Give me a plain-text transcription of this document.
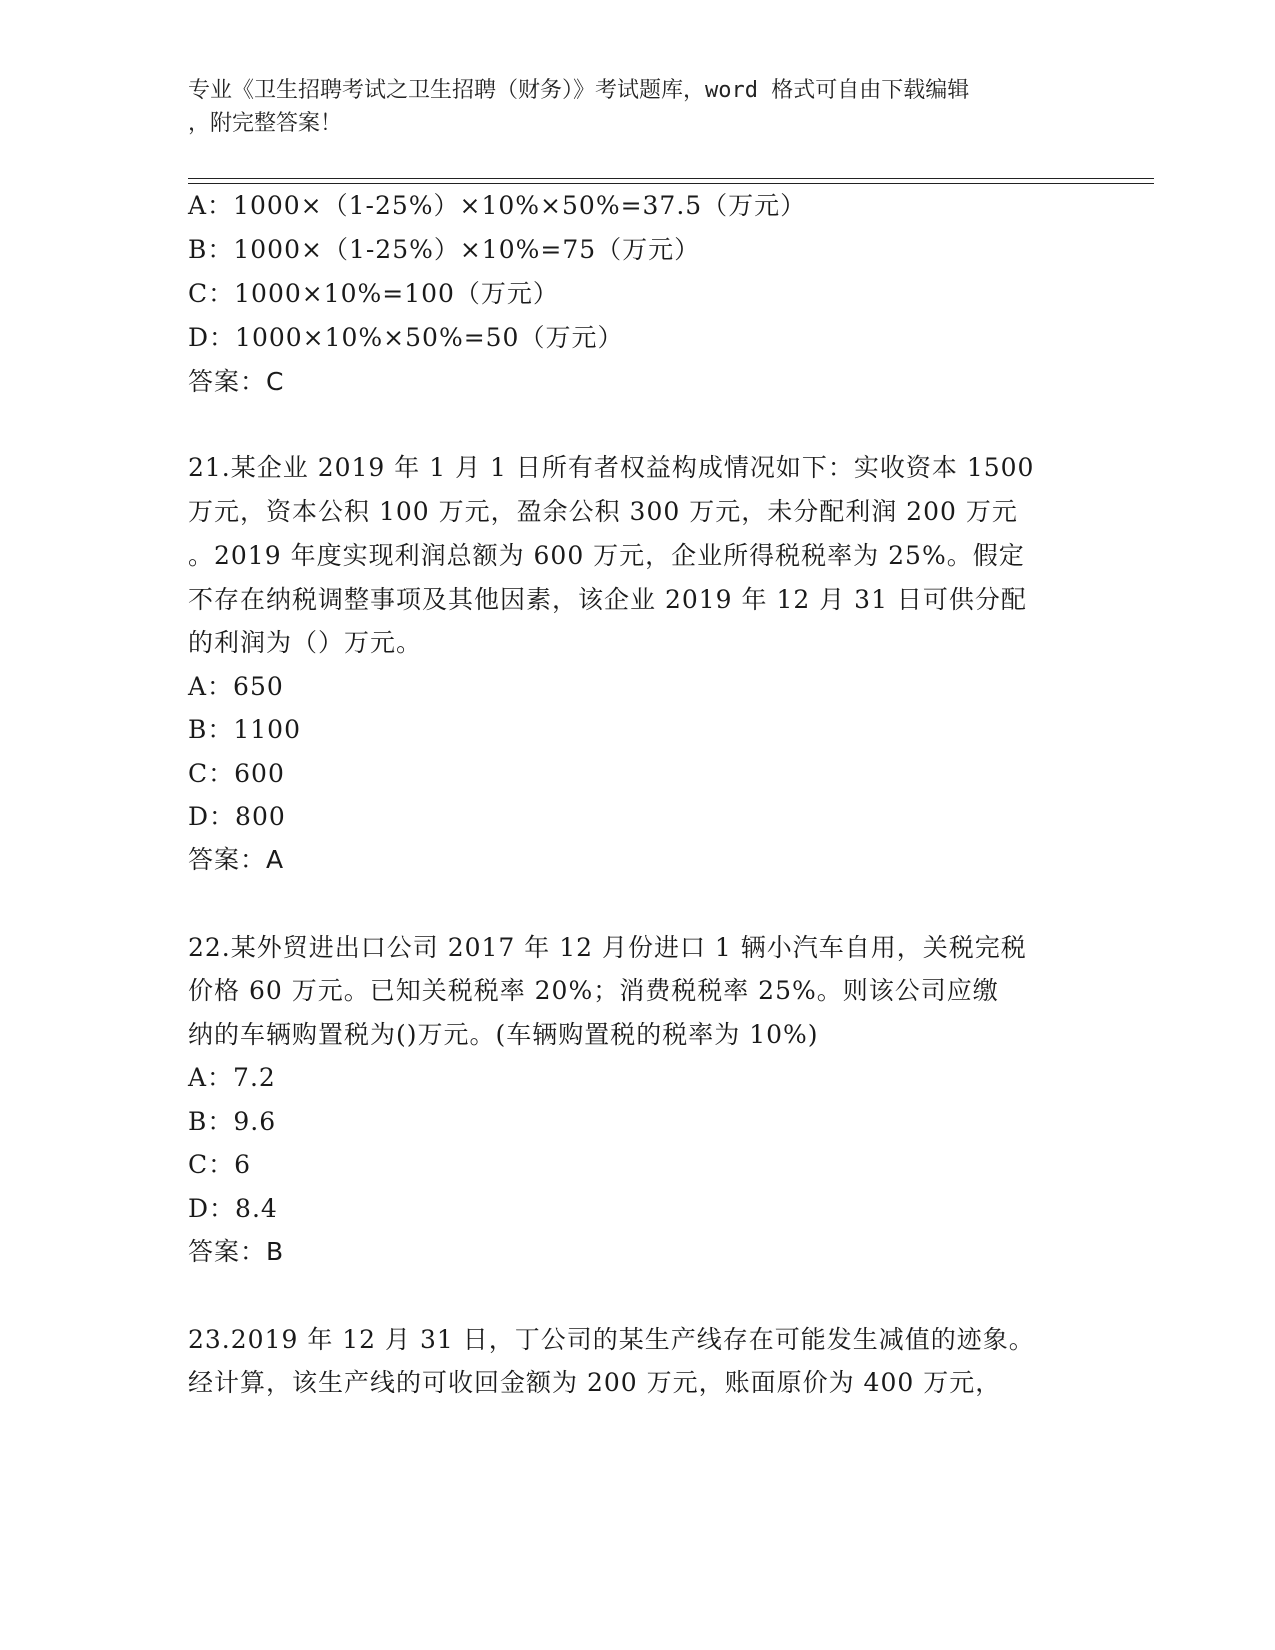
专业《卫生招聘考试之卫生招聘（财务）》考试题库，word 格式可自由下载编辑
，附完整答案！
A：1000×（1-25%）×10%×50%=37.5（万元）
B：1000×（1-25%）×10%=75（万元）
C：1000×10%=100（万元）
D：1000×10%×50%=50（万元）
答案：C
21.某企业 2019 年 1 月 1 日所有者权益构成情况如下：实收资本 1500
万元，资本公积 100 万元，盈余公积 300 万元，未分配利润 200 万元
。2019 年度实现利润总额为 600 万元，企业所得税税率为 25%。假定
不存在纳税调整事项及其他因素，该企业 2019 年 12 月 31 日可供分配
的利润为（）万元。
A：650
B：1100
C：600
D：800
答案：A
22.某外贸进出口公司 2017 年 12 月份进口 1 辆小汽车自用，关税完税
价格 60 万元。已知关税税率 20%；消费税税率 25%。则该公司应缴
纳的车辆购置税为()万元。(车辆购置税的税率为 10%)
A：7.2
B：9.6
C：6
D：8.4
答案：B
23.2019 年 12 月 31 日，丁公司的某生产线存在可能发生减值的迹象。
经计算，该生产线的可收回金额为 200 万元，账面原价为 400 万元，
